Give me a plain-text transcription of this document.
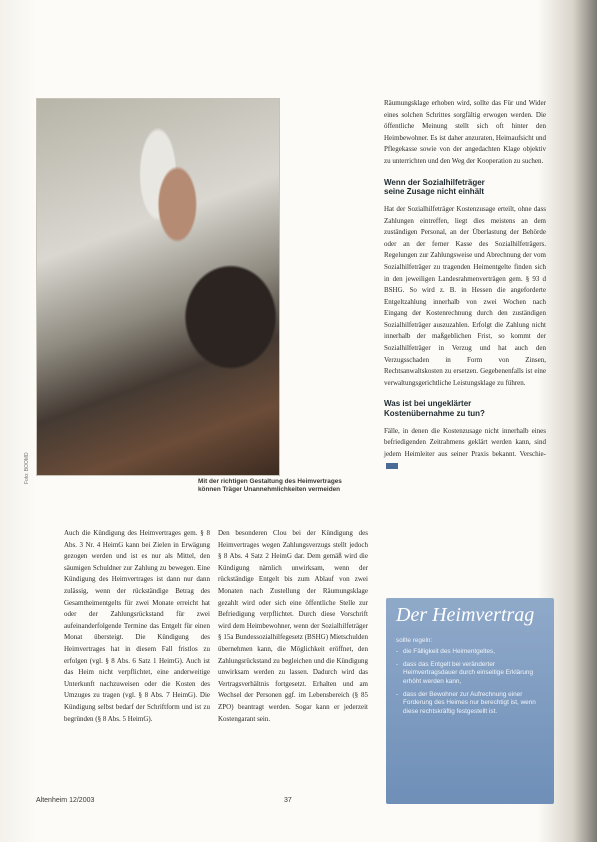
Foto: BOOMD	Mit der richtigen Gestaltung des Heimvertrages
können Träger Unannehmlichkeiten vermeiden

Auch die Kündigung des Heimvertrages gem. § 8 Abs. 3 Nr. 4 HeimG kann bei Zielen in Erwägung gezogen werden und ist es nur als Mittel, den säumigen Schuldner zur Zahlung zu bewegen. Eine Kündigung des Heimvertrages ist dann nur dann zulässig, wenn der rückständige Betrag des Gesamtheimentgelts für zwei Monate erreicht hat oder der Zahlungsrückstand für zwei aufeinanderfolgende Termine das Entgelt für einen Monat übersteigt. Die Kündigung des Heimvertrages hat in diesem Fall fristlos zu erfolgen (vgl. § 8 Abs. 6 Satz 1 HeimG). Auch ist das Heim nicht verpflichtet, eine anderweitige Unterkunft nachzuweisen oder die Kosten des Umzuges zu tragen (vgl. § 8 Abs. 7 HeimG). Die Kündigung selbst bedarf der Schriftform und ist zu begründen (§ 8 Abs. 5 HeimG).

Den besonderen Clou bei der Kündigung des Heimvertrages wegen Zahlungsverzugs stellt jedoch § 8 Abs. 4 Satz 2 HeimG dar. Dem gemäß wird die Kündigung nämlich unwirksam, wenn der rückständige Entgelt bis zum Ablauf von zwei Monaten nach Zustellung der Räumungsklage gezahlt wird oder sich eine öffentliche Stelle zur Befriedigung verpflichtet. Durch diese Vorschrift wird dem Heimbewohner, wenn der Sozialhilfeträger § 15a Bundessozialhilfegesetz (BSHG) Mietschulden übernehmen kann, die Möglichkeit eröffnet, den Zahlungsrückstand zu begleichen und die Kündigung unwirksam werden zu lassen. Dadurch wird das Vertragsverhältnis fortgesetzt. Erhalten und am Wechsel der Personen ggf. im Lebensbereich (§ 85 ZPO) beantragt werden. Sogar kann er jederzeit Kostengarant sein.

Räumungsklage erhoben wird, sollte das Für und Wider eines solchen Schrittes sorgfältig erwogen werden. Die öffentliche Meinung stellt sich oft hinter den Heimbewohner. Es ist daher anzuraten, Heimaufsicht und Pflegekasse sowie von der angedachten Klage objektiv zu unterrichten und den Weg der Kooperation zu suchen.

Wenn der Sozialhilfeträger
seine Zusage nicht einhält

Hat der Sozialhilfeträger Kostenzusage erteilt, ohne dass Zahlungen eintreffen, liegt dies meistens an dem zuständigen Personal, an der Überlastung der Behörde oder an der ferner Kasse des Sozialhilfeträgers. Regelungen zur Zahlungsweise und Abrechnung der vom Sozialhilfeträger zu tragenden Heimentgelte finden sich in den jeweiligen Landesrahmenverträgen gem. § 93 d BSHG. So wird z. B. in Hessen die angeforderte Entgeltzahlung innerhalb von zwei Wochen nach Eingang der Kostenrechnung durch den zuständigen Sozialhilfeträger auszuzahlen. Erfolgt die Zahlung nicht innerhalb der maßgeblichen Frist, so kommt der Sozialhilfeträger in Verzug und hat auch den Verzugsschaden in Form von Zinsen, Rechtsanwaltskosten zu ersetzen. Gegebenenfalls ist eine verwaltungsgerichtliche Leistungsklage zu führen.

Was ist bei ungeklärter
Kostenübernahme zu tun?

Fälle, in denen die Kostenzusage nicht innerhalb eines befriedigenden Zeitrahmens geklärt werden kann, sind jedem Heimleiter aus seiner Praxis bekannt. Verschie-

Der Heimvertrag
sollte regeln:
- die Fälligkeit des Heimentgeltes,
- dass das Entgelt bei veränderter Heimvertragsdauer durch einseitige Erklärung erhöht werden kann,
- dass der Bewohner zur Aufrechnung einer Forderung des Heimes nur berechtigt ist, wenn diese rechtskräftig festgestellt ist.
Altenheim 12/2003	37
